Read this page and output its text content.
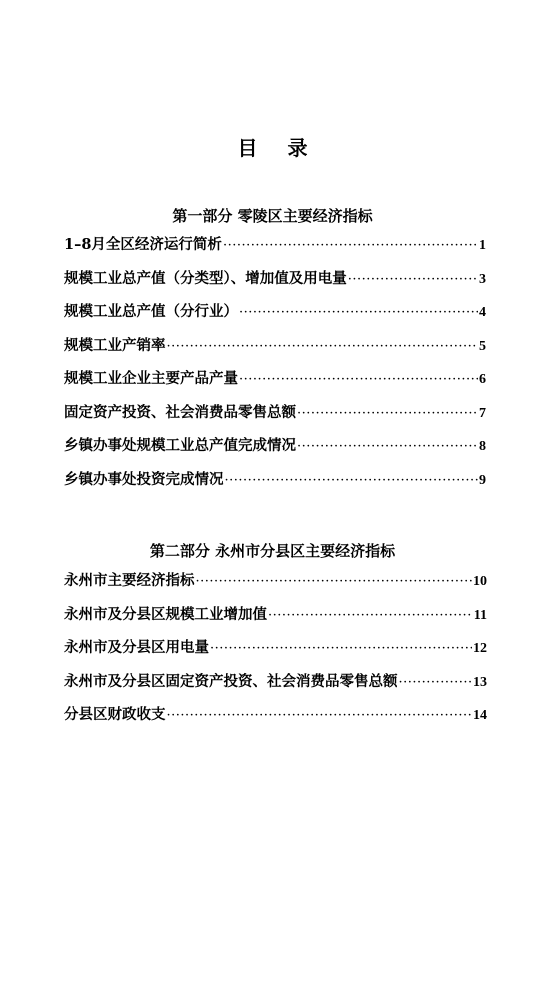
目 录
第一部分 零陵区主要经济指标
1–8月全区经济运行简析 ·····	1
规模工业总产值（分类型）、增加值及用电量 ·····	3
规模工业总产值（分行业） ·····	4
规模工业产销率 ·····	5
规模工业企业主要产品产量 ·····	6
固定资产投资、社会消费品零售总额 ·····	7
乡镇办事处规模工业总产值完成情况 ·····	8
乡镇办事处投资完成情况 ·····	9
第二部分 永州市分县区主要经济指标
永州市主要经济指标 ·····	10
永州市及分县区规模工业增加值 ·····	11
永州市及分县区用电量 ·····	12
永州市及分县区固定资产投资、社会消费品零售总额 ·····	13
分县区财政收支 ·····	14
